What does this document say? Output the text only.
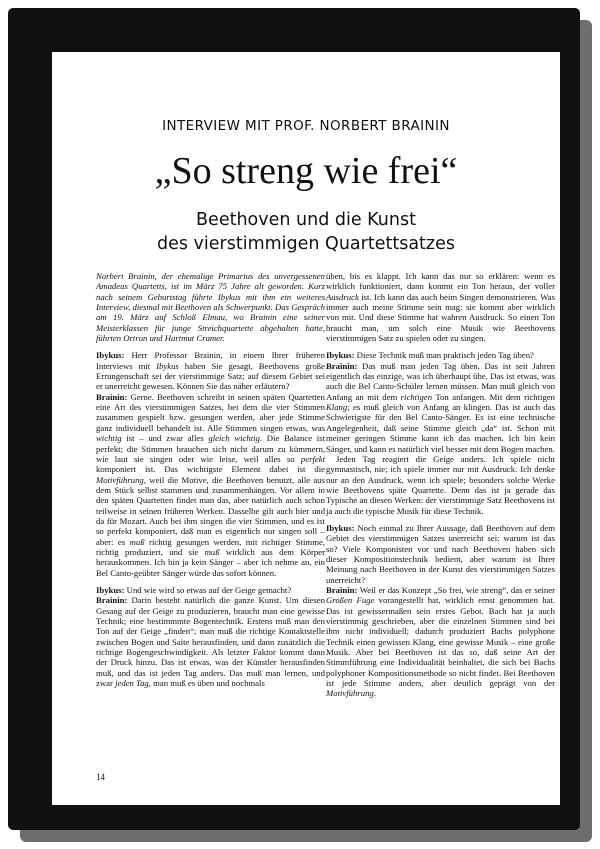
INTERVIEW MIT PROF. NORBERT BRAININ
„So streng wie frei“
Beethoven und die Kunst
des vierstimmigen Quartettsatzes

Norbert Brainin, der ehemalige Primarius des unvergessenen Amadeus Quartetts, ist im März 75 Jahre alt geworden. Kurz nach seinem Geburtstag führte Ibykus mit ihm ein weiteres Interview, diesmal mit Beethoven als Schwerpunkt. Das Gespräch am 19. März auf Schloß Elmau, wo Brainin eine seiner Meisterklassen für junge Streichquartette abgehalten hatte, führten Ortrun und Hartmut Cramer.

Ibykus: Herr Professor Brainin, in einem Ihrer früheren Interviews mit Ibykus haben Sie gesagt, Beethovens große Errungenschaft sei der vierstimmige Satz; auf diesem Gebiet sei er unerreicht gewesen. Können Sie das näher erläutern?

Brainin: Gerne. Beethoven schreibt in seinen späten Quartetten eine Art des vierstimmigen Satzes, bei dem die vier Stimmen zusammen gespielt bzw. gesungen werden, aber jede Stimme ganz individuell behandelt ist. Alle Stimmen singen etwas, was wichtig ist – und zwar alles gleich wichtig. Die Balance ist perfekt; die Stimmen brauchen sich nicht darum zu kümmern, wie laut sie singen oder wie leise, weil alles so perfekt komponiert ist. Das wichtigste Element dabei ist die Motivführung, weil die Motive, die Beethoven benutzt, alle aus dem Stück selbst stammen und zusammenhängen. Vor allem in den späten Quartetten findet man das, aber natürlich auch schon teilweise in seinen früheren Werken. Dasselbe gilt auch hier und da für Mozart. Auch bei ihm singen die vier Stimmen, und es ist so perfekt komponiert, daß man es eigentlich nur singen soll – aber: es muß richtig gesungen werden, mit richtiger Stimme, richtig produziert, und sie muß wirklich aus dem Körper herauskommen. Ich bin ja kein Sänger – aber ich nehme an, ein Bel Canto-geübter Sänger würde das sofort können.

Ibykus: Und wie wird so etwas auf der Geige gemacht?

Brainin: Darin besteht natürlich die ganze Kunst. Um diesen Gesang auf der Geige zu produzieren, braucht man eine gewisse Technik; eine bestimmmte Bogentechnik. Erstens muß man den Ton auf der Geige „finden“; man muß die richtige Kontaktstelle zwischen Bogen und Saite herausfinden, und dann zusätzlich die richtige Bogengeschwindigkeit. Als letzter Faktor kommt dann der Druck hinzu. Das ist etwas, was der Künstler herausfinden muß, und das ist jeden Tag anders. Das muß man lernen, und zwar jeden Tag, man muß es üben und nochmals

üben, bis es klappt. Ich kann das nur so erklären: wenn es wirklich funktioniert, dann kommt ein Ton heraus, der voller Ausdruck ist. Ich kann das auch beim Singen demonstrieren. Was immer auch meine Stimme sein mag: sie kommt aber wirklich von mir. Und diese Stimme hat wahren Ausdruck. So einen Ton braucht man, um solch eine Musik wie Beethovens vierstimmigen Satz zu spielen oder zu singen.

Ibykus: Diese Technik muß man praktisch jeden Tag üben?

Brainin: Das muß man jeden Tag üben. Das ist seit Jahren eigentlich das einzige, was ich überhaupt übe. Das ist etwas, was auch die Bel Canto-Schüler lernen müssen. Man muß gleich von Anfang an mit dem richtigen Ton anfangen. Mit dem richtigen Klang; es muß gleich von Anfang an klingen. Das ist auch das Schwierigste für den Bel Canto-Sänger. Es ist eine technische Angelegenheit, daß seine Stimme gleich „da“ ist. Schon mit meiner geringen Stimme kann ich das machen. Ich bin kein Sänger, und kann es natürlich viel besser mit dem Bogen machen.

Jeden Tag reagiert die Geige anders. Ich spiele nicht gymnastisch, nie; ich spiele immer nur mit Ausdruck. Ich denke nur an den Ausdruck, wenn ich spiele; besonders solche Werke wie Beethovens späte Quartette. Denn das ist ja gerade das Typische an diesen Werken: der vierstimmige Satz Beethovens ist ja auch die typische Musik für diese Technik.

Ibykus: Noch einmal zu Ihrer Aussage, daß Beethoven auf dem Gebiet des vierstimmigen Satzes unerreicht sei: warum ist das so? Viele Komponisten vor und nach Beethoven haben sich dieser Kompositionstechnik bedient, aber warum ist Ihrer Meinung nach Beethoven in der Kunst des vierstimmigen Satzes unerreicht?

Brainin: Weil er das Konzept „So frei, wie streng“, das er seiner Großen Fuge vorangestellt hat, wirklich ernst genommen hat. Das ist gewissermaßen sein erstes Gebot. Bach hat ja auch vierstimmig geschrieben, aber die einzelnen Stimmen sind bei ihm nicht individuell; dadurch produziert Bachs polyphone Technik einen gewissen Klang, eine gewisse Musik – eine große Musik. Aber bei Beethoven ist das so, daß seine Art der Stimmführung eine Individualität beinhaltet, die sich bei Bachs polyphoner Kompositionsmethode so nicht findet. Bei Beethoven ist jede Stimme anders, aber deutlich geprägt von der Motivführung.

14
